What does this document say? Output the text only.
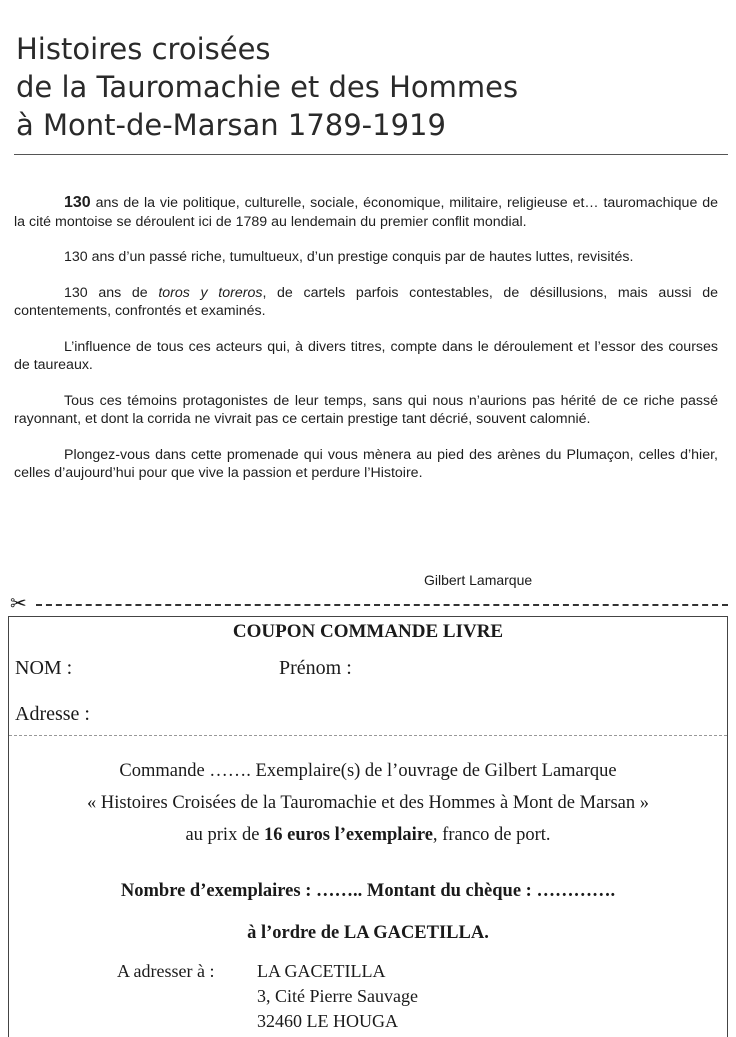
Histoires croisées
de la Tauromachie et des Hommes
à Mont-de-Marsan 1789-1919

130 ans de la vie politique, culturelle, sociale, économique, militaire, religieuse et… tauromachique de la cité montoise se déroulent ici de 1789 au lendemain du premier conflit mondial.

130 ans d’un passé riche, tumultueux, d’un prestige conquis par de hautes luttes, revisités.

130 ans de toros y toreros, de cartels parfois contestables, de désillusions, mais aussi de contentements, confrontés et examinés.

L’influence de tous ces acteurs qui, à divers titres, compte dans le déroulement et l’essor des courses de taureaux.

Tous ces témoins protagonistes de leur temps, sans qui nous n’aurions pas hérité de ce riche passé rayonnant, et dont la corrida ne vivrait pas ce certain prestige tant décrié, souvent calomnié.

Plongez-vous dans cette promenade qui vous mènera au pied des arènes du Plumaçon, celles d’hier, celles d’aujourd’hui pour que vive la passion et perdure l’Histoire.

Gilbert Lamarque
✂
COUPON COMMANDE LIVRE
NOM :	Prénom :
Adresse :
Commande ……. Exemplaire(s) de l’ouvrage de Gilbert Lamarque
« Histoires Croisées de la Tauromachie et des Hommes à Mont de Marsan »
au prix de 16 euros l’exemplaire, franco de port.
Nombre d’exemplaires : …….. Montant du chèque : ………….
à l’ordre de LA GACETILLA.
A adresser à : LA GACETILLA
3, Cité Pierre Sauvage
32460 LE HOUGA
